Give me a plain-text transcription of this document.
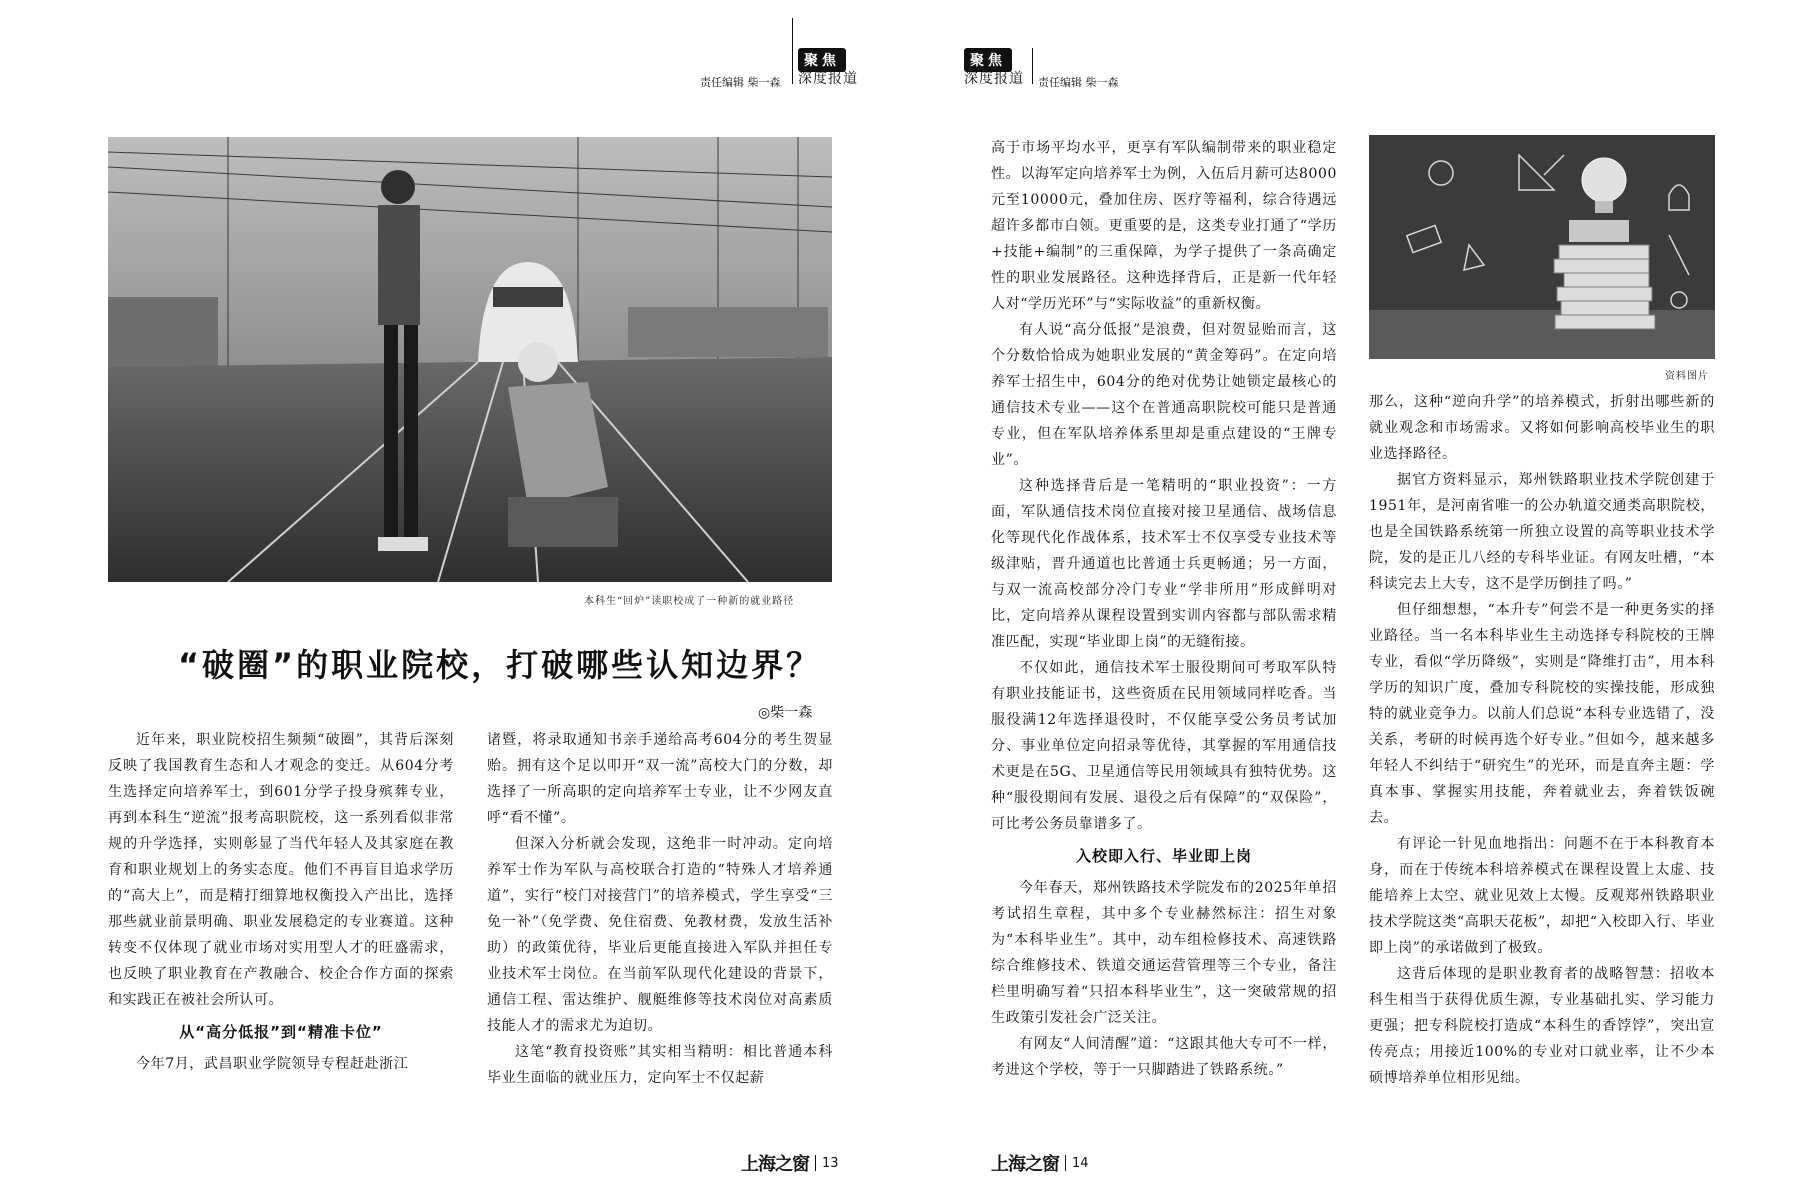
责任编辑 柴一森
聚焦
深度报道
聚焦
深度报道 责任编辑 柴一森
本科生“回炉”读职校成了一种新的就业路径
“破圈”的职业院校，打破哪些认知边界？
◎柴一森

近年来，职业院校招生频频“破圈”，其背后深刻反映了我国教育生态和人才观念的变迁。从604分考生选择定向培养军士，到601分学子投身殡葬专业，再到本科生“逆流”报考高职院校，这一系列看似非常规的升学选择，实则彰显了当代年轻人及其家庭在教育和职业规划上的务实态度。他们不再盲目追求学历的“高大上”，而是精打细算地权衡投入产出比，选择那些就业前景明确、职业发展稳定的专业赛道。这种转变不仅体现了就业市场对实用型人才的旺盛需求，也反映了职业教育在产教融合、校企合作方面的探索和实践正在被社会所认可。

从“高分低报”到“精准卡位”

今年7月，武昌职业学院领导专程赶赴浙江

诸暨，将录取通知书亲手递给高考604分的考生贺显贻。拥有这个足以叩开“双一流”高校大门的分数，却选择了一所高职的定向培养军士专业，让不少网友直呼“看不懂”。

但深入分析就会发现，这绝非一时冲动。定向培养军士作为军队与高校联合打造的“特殊人才培养通道”，实行“校门对接营门”的培养模式，学生享受“三免一补”（免学费、免住宿费、免教材费，发放生活补助）的政策优待，毕业后更能直接进入军队并担任专业技术军士岗位。在当前军队现代化建设的背景下，通信工程、雷达维护、舰艇维修等技术岗位对高素质技能人才的需求尤为迫切。

这笔“教育投资账”其实相当精明：相比普通本科毕业生面临的就业压力，定向军士不仅起薪

高于市场平均水平，更享有军队编制带来的职业稳定性。以海军定向培养军士为例，入伍后月薪可达8000元至10000元，叠加住房、医疗等福利，综合待遇远超许多都市白领。更重要的是，这类专业打通了“学历+技能+编制”的三重保障，为学子提供了一条高确定性的职业发展路径。这种选择背后，正是新一代年轻人对“学历光环”与“实际收益”的重新权衡。

有人说“高分低报”是浪费，但对贺显贻而言，这个分数恰恰成为她职业发展的“黄金筹码”。在定向培养军士招生中，604分的绝对优势让她锁定最核心的通信技术专业——这个在普通高职院校可能只是普通专业，但在军队培养体系里却是重点建设的“王牌专业”。

这种选择背后是一笔精明的“职业投资”：一方面，军队通信技术岗位直接对接卫星通信、战场信息化等现代化作战体系，技术军士不仅享受专业技术等级津贴，晋升通道也比普通士兵更畅通；另一方面，与双一流高校部分冷门专业“学非所用”形成鲜明对比，定向培养从课程设置到实训内容都与部队需求精准匹配，实现“毕业即上岗”的无缝衔接。

不仅如此，通信技术军士服役期间可考取军队特有职业技能证书，这些资质在民用领域同样吃香。当服役满12年选择退役时，不仅能享受公务员考试加分、事业单位定向招录等优待，其掌握的军用通信技术更是在5G、卫星通信等民用领域具有独特优势。这种“服役期间有发展、退役之后有保障”的“双保险”，可比考公务员靠谱多了。

入校即入行、毕业即上岗

今年春天，郑州铁路技术学院发布的2025年单招考试招生章程，其中多个专业赫然标注：招生对象为“本科毕业生”。其中，动车组检修技术、高速铁路综合维修技术、铁道交通运营管理等三个专业，备注栏里明确写着“只招本科毕业生”，这一突破常规的招生政策引发社会广泛关注。

有网友“人间清醒”道：“这跟其他大专可不一样，考进这个学校，等于一只脚踏进了铁路系统。”

资料图片

那么，这种“逆向升学”的培养模式，折射出哪些新的就业观念和市场需求。又将如何影响高校毕业生的职业选择路径。

据官方资料显示，郑州铁路职业技术学院创建于1951年，是河南省唯一的公办轨道交通类高职院校，也是全国铁路系统第一所独立设置的高等职业技术学院，发的是正儿八经的专科毕业证。有网友吐槽，“本科读完去上大专，这不是学历倒挂了吗。”

但仔细想想，“本升专”何尝不是一种更务实的择业路径。当一名本科毕业生主动选择专科院校的王牌专业，看似“学历降级”，实则是“降维打击”，用本科学历的知识广度，叠加专科院校的实操技能，形成独特的就业竞争力。以前人们总说“本科专业选错了，没关系，考研的时候再选个好专业。”但如今，越来越多年轻人不纠结于“研究生”的光环，而是直奔主题：学真本事、掌握实用技能，奔着就业去，奔着铁饭碗去。

有评论一针见血地指出：问题不在于本科教育本身，而在于传统本科培养模式在课程设置上太虚、技能培养上太空、就业见效上太慢。反观郑州铁路职业技术学院这类“高职天花板”，却把“入校即入行、毕业即上岗”的承诺做到了极致。

这背后体现的是职业教育者的战略智慧：招收本科生相当于获得优质生源，专业基础扎实、学习能力更强；把专科院校打造成“本科生的香饽饽”，突出宣传亮点；用接近100%的专业对口就业率，让不少本硕博培养单位相形见绌。

上海之窗 13	上海之窗 14
